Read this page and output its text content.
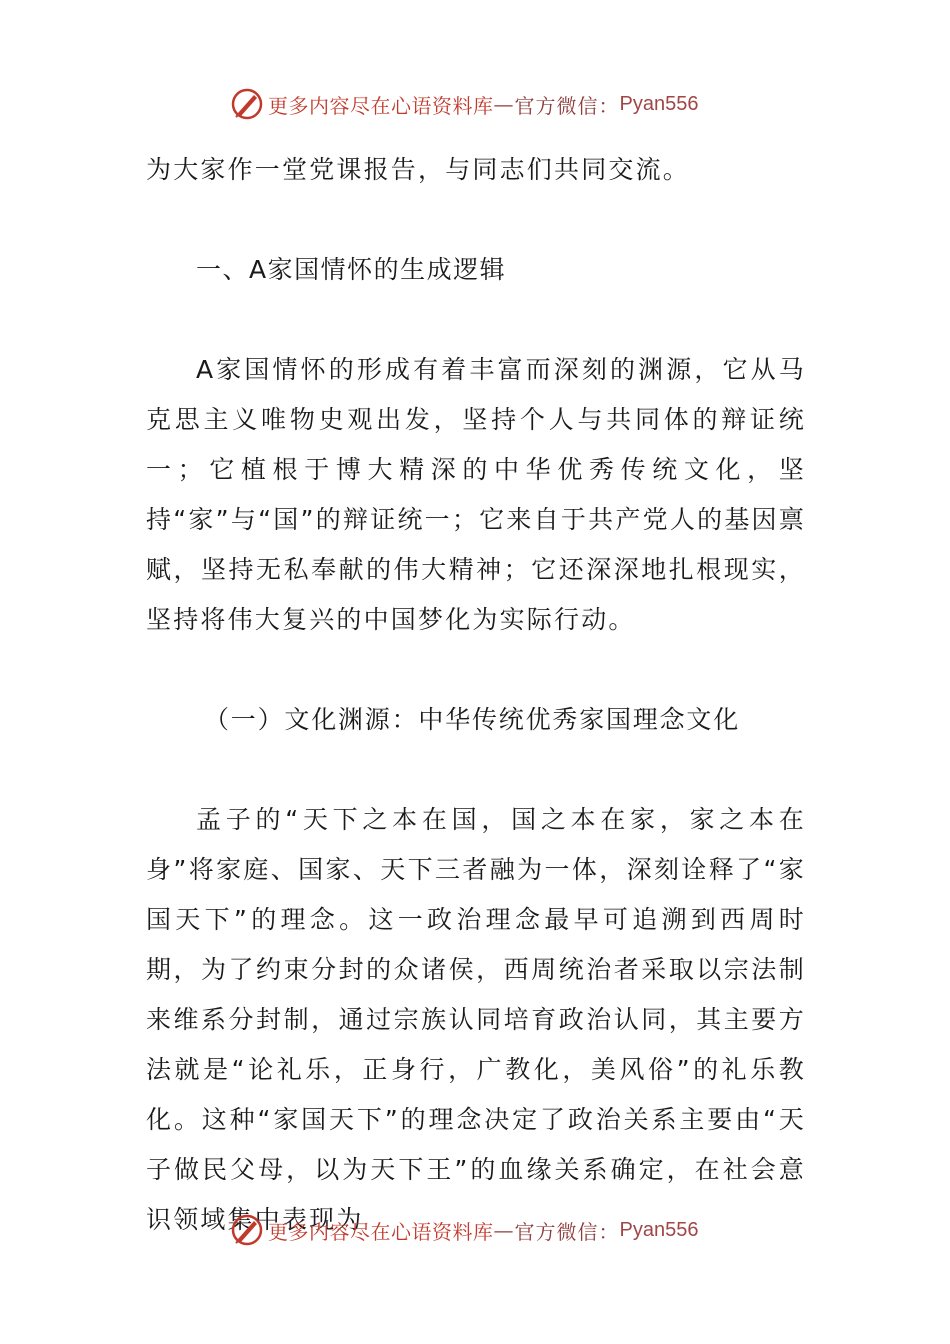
更多内容尽在心语资料库 — 官方微信： Pyan556

为大家作一堂党课报告，与同志们共同交流。

一、A家国情怀的生成逻辑

A家国情怀的形成有着丰富而深刻的渊源，它从马克思主义唯物史观出发，坚持个人与共同体的辩证统一；它植根于博大精深的中华优秀传统文化，坚持“家”与“国”的辩证统一；它来自于共产党人的基因禀赋，坚持无私奉献的伟大精神；它还深深地扎根现实，坚持将伟大复兴的中国梦化为实际行动。

（一）文化渊源：中华传统优秀家国理念文化

孟子的“天下之本在国，国之本在家，家之本在身”将家庭、国家、天下三者融为一体，深刻诠释了“家国天下”的理念。这一政治理念最早可追溯到西周时期，为了约束分封的众诸侯，西周统治者采取以宗法制来维系分封制，通过宗族认同培育政治认同，其主要方法就是“论礼乐，正身行，广教化，美风俗”的礼乐教化。这种“家国天下”的理念决定了政治关系主要由“天子做民父母，以为天下王”的血缘关系确定，在社会意识领域集中表现为

更多内容尽在心语资料库 — 官方微信： Pyan556
